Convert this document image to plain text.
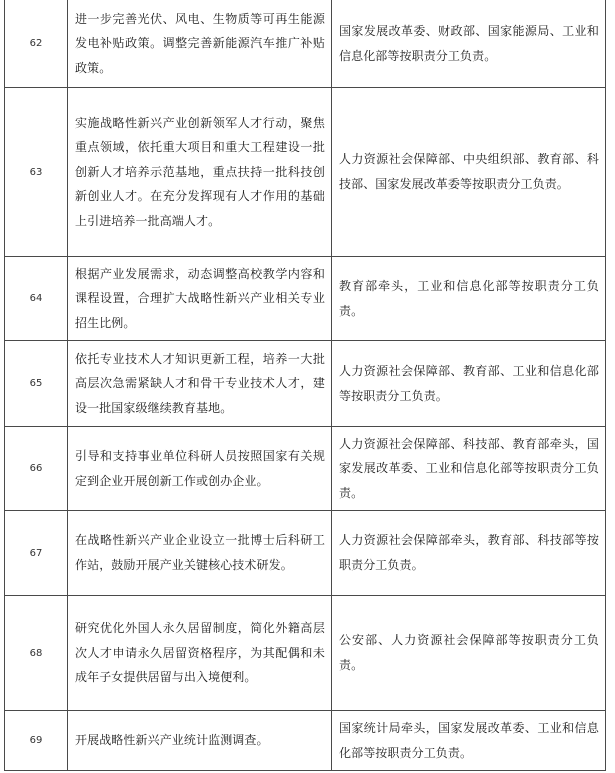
62	进一步完善光伏、风电、生物质等可再生能源发电补贴政策。调整完善新能源汽车推广补贴政策。	国家发展改革委、财政部、国家能源局、工业和信息化部等按职责分工负责。
63	实施战略性新兴产业创新领军人才行动，聚焦重点领域，依托重大项目和重大工程建设一批创新人才培养示范基地，重点扶持一批科技创新创业人才。在充分发挥现有人才作用的基础上引进培养一批高端人才。	人力资源社会保障部、中央组织部、教育部、科技部、国家发展改革委等按职责分工负责。
64	根据产业发展需求，动态调整高校教学内容和课程设置，合理扩大战略性新兴产业相关专业招生比例。	教育部牵头，工业和信息化部等按职责分工负责。
65	依托专业技术人才知识更新工程，培养一大批高层次急需紧缺人才和骨干专业技术人才，建设一批国家级继续教育基地。	人力资源社会保障部、教育部、工业和信息化部等按职责分工负责。
66	引导和支持事业单位科研人员按照国家有关规定到企业开展创新工作或创办企业。	人力资源社会保障部、科技部、教育部牵头，国家发展改革委、工业和信息化部等按职责分工负责。
67	在战略性新兴产业企业设立一批博士后科研工作站，鼓励开展产业关键核心技术研发。	人力资源社会保障部牵头，教育部、科技部等按职责分工负责。
68	研究优化外国人永久居留制度，简化外籍高层次人才申请永久居留资格程序，为其配偶和未成年子女提供居留与出入境便利。	公安部、人力资源社会保障部等按职责分工负责。
69	开展战略性新兴产业统计监测调查。	国家统计局牵头，国家发展改革委、工业和信息化部等按职责分工负责。
